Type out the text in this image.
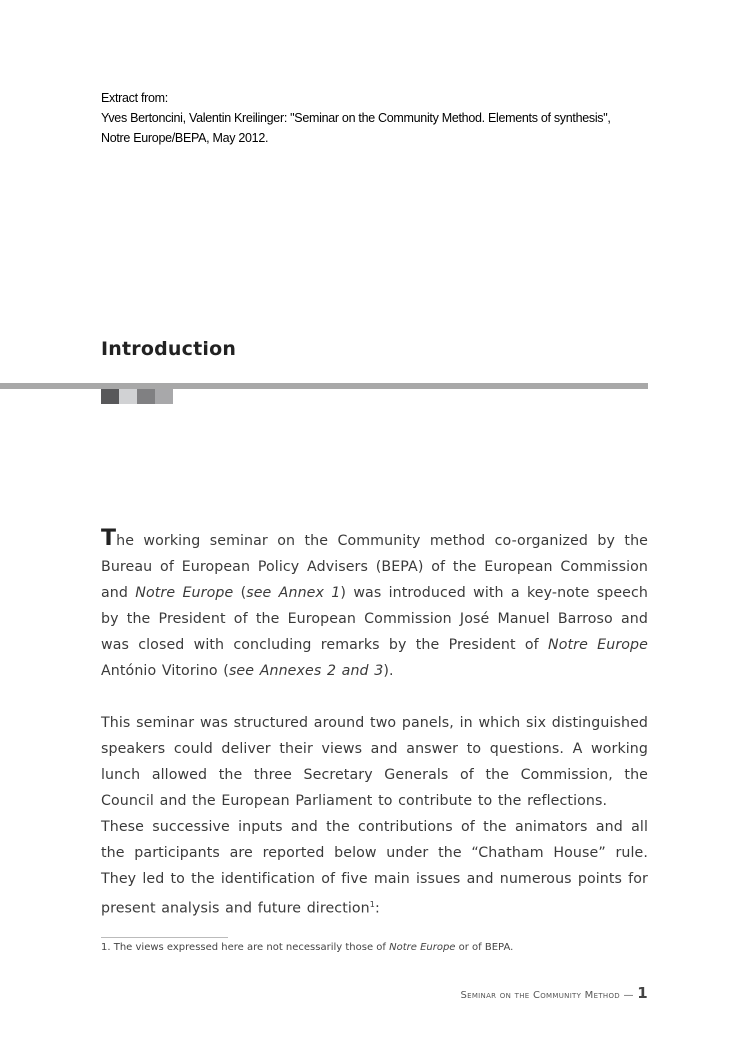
Extract from:
Yves Bertoncini, Valentin Kreilinger: "Seminar on the Community Method. Elements of synthesis",
Notre Europe/BEPA, May 2012.
Introduction

The working seminar on the Community method co-organized by the Bureau of European Policy Advisers (BEPA) of the European Commission and Notre Europe (see Annex 1) was introduced with a key-note speech by the President of the European Commission José Manuel Barroso and was closed with concluding remarks by the President of Notre Europe António Vitorino (see Annexes 2 and 3).

This seminar was structured around two panels, in which six distinguished speakers could deliver their views and answer to questions. A working lunch allowed the three Secretary Generals of the Commission, the Council and the European Parliament to contribute to the reflections.

These successive inputs and the contributions of the animators and all the participants are reported below under the “Chatham House” rule. They led to the identification of five main issues and numerous points for present analysis and future direction$^1$:

1. The views expressed here are not necessarily those of Notre Europe or of BEPA.
Seminar on the Community Method — 1
